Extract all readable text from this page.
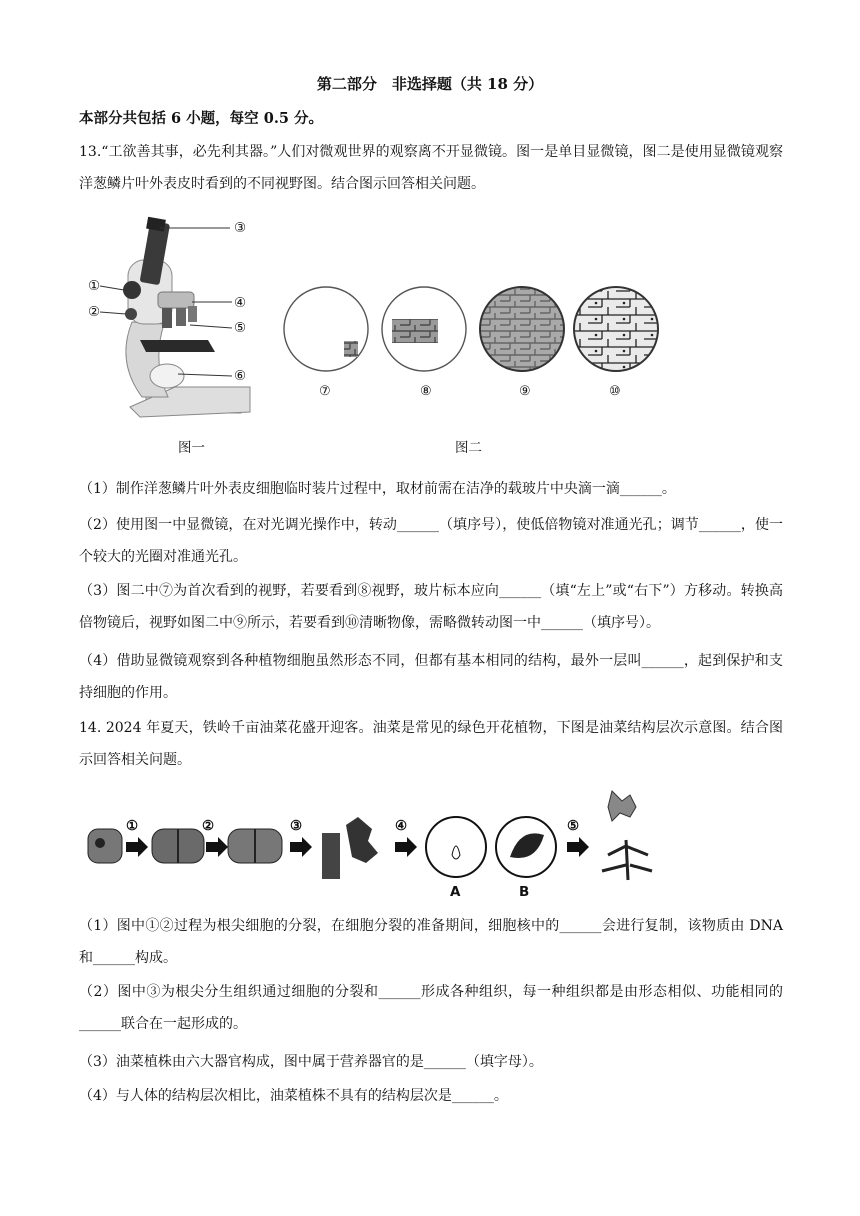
第二部分　非选择题（共 18 分）
本部分共包括 6 小题，每空 0.5 分。
13.“工欲善其事，必先利其器。”人们对微观世界的观察离不开显微镜。图一是单目显微镜，图二是使用显微镜观察洋葱鳞片叶外表皮时看到的不同视野图。结合图示回答相关问题。
①
②
③
④
⑤
⑥
图一
⑦	⑧	⑨	⑩
图二
（1）制作洋葱鳞片叶外表皮细胞临时装片过程中，取材前需在洁净的载玻片中央滴一滴______。
（2）使用图一中显微镜，在对光调光操作中，转动______（填序号），使低倍物镜对准通光孔；调节______，使一个较大的光圈对准通光孔。
（3）图二中⑦为首次看到的视野，若要看到⑧视野，玻片标本应向______（填“左上”或“右下”）方移动。转换高倍物镜后，视野如图二中⑨所示，若要看到⑩清晰物像，需略微转动图一中______（填序号）。
（4）借助显微镜观察到各种植物细胞虽然形态不同，但都有基本相同的结构，最外一层叫______，起到保护和支持细胞的作用。
14. 2024 年夏天，铁岭千亩油菜花盛开迎客。油菜是常见的绿色开花植物，下图是油菜结构层次示意图。结合图示回答相关问题。
①	②	③	④	⑤
A	B
（1）图中①②过程为根尖细胞的分裂，在细胞分裂的准备期间，细胞核中的______会进行复制，该物质由 DNA 和______构成。
（2）图中③为根尖分生组织通过细胞的分裂和______形成各种组织，每一种组织都是由形态相似、功能相同的______联合在一起形成的。
（3）油菜植株由六大器官构成，图中属于营养器官的是______（填字母）。
（4）与人体的结构层次相比，油菜植株不具有的结构层次是______。
